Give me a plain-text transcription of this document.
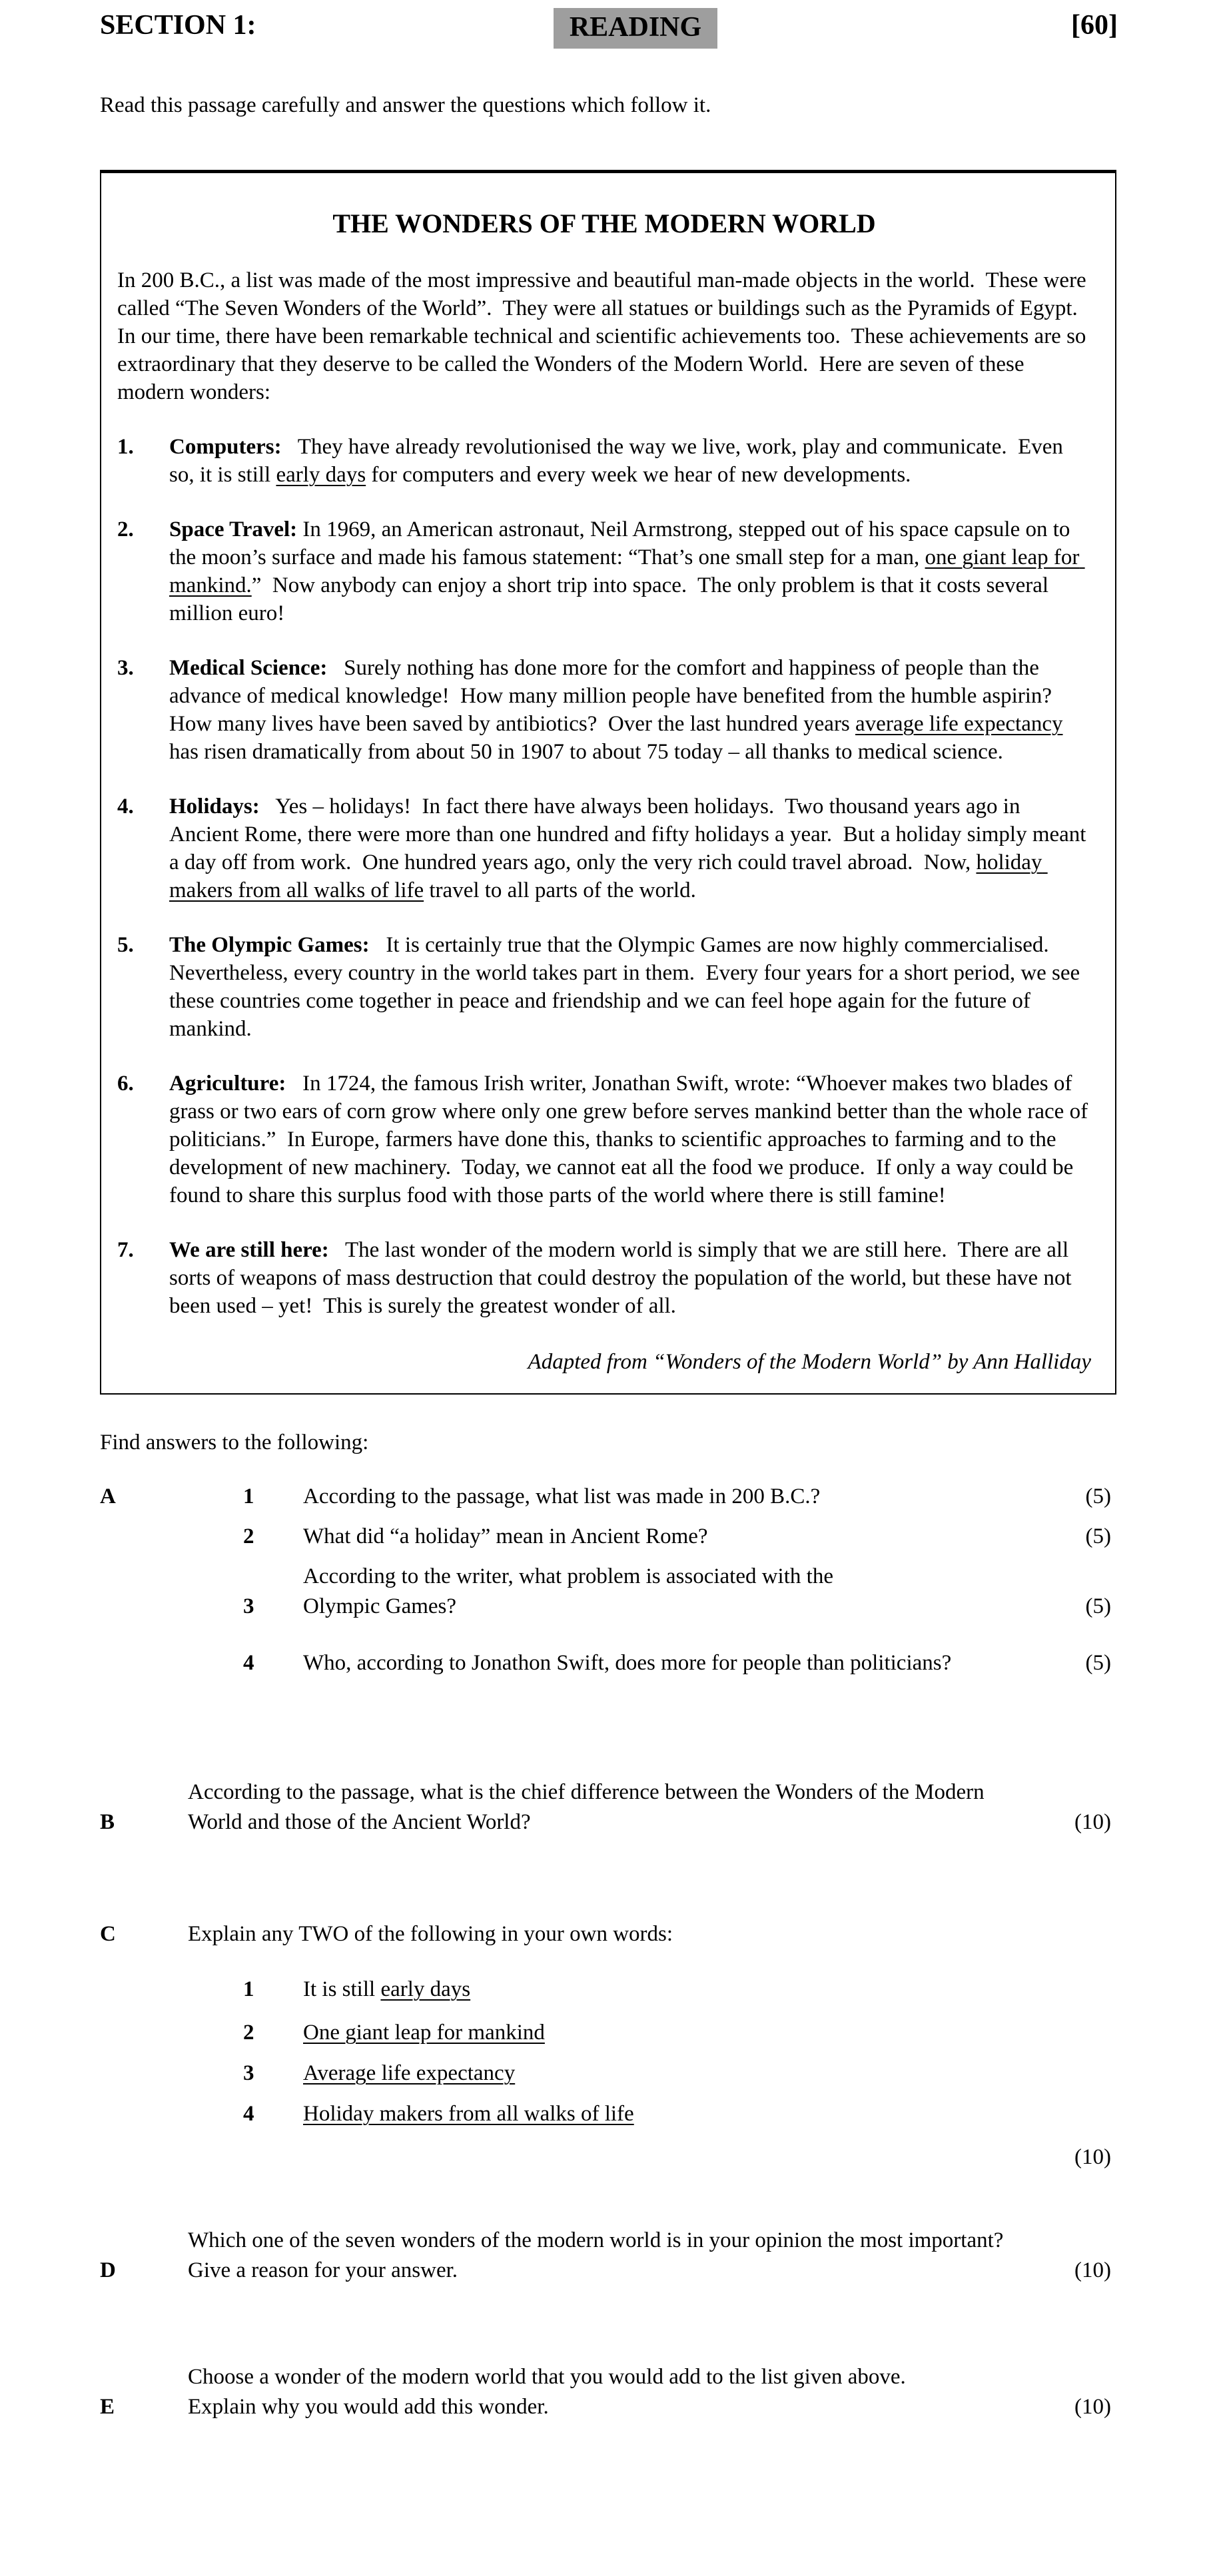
SECTION 1:	READING	[60]
Read this passage carefully and answer the questions which follow it.
THE WONDERS OF THE MODERN WORLD
In 200 B.C., a list was made of the most impressive and beautiful man-made objects in the world.  These were called “The Seven Wonders of the World”.  They were all statues or buildings such as the Pyramids of Egypt.  In our time, there have been remarkable technical and scientific achievements too.  These achievements are so extraordinary that they deserve to be called the Wonders of the Modern World.  Here are seven of these modern wonders:
1.	Computers:   They have already revolutionised the way we live, work, play and communicate.  Even so, it is still early days for computers and every week we hear of new developments.
2.	Space Travel: In 1969, an American astronaut, Neil Armstrong, stepped out of his space capsule on to the moon’s surface and made his famous statement: “That’s one small step for a man, one giant leap for mankind.”  Now anybody can enjoy a short trip into space.  The only problem is that it costs several million euro!
3.	Medical Science:   Surely nothing has done more for the comfort and happiness of people than the advance of medical knowledge!  How many million people have benefited from the humble aspirin?  How many lives have been saved by antibiotics?  Over the last hundred years average life expectancy has risen dramatically from about 50 in 1907 to about 75 today – all thanks to medical science.
4.	Holidays:   Yes – holidays!  In fact there have always been holidays.  Two thousand years ago in Ancient Rome, there were more than one hundred and fifty holidays a year.  But a holiday simply meant a day off from work.  One hundred years ago, only the very rich could travel abroad.  Now, holiday makers from all walks of life travel to all parts of the world.
5.	The Olympic Games:   It is certainly true that the Olympic Games are now highly commercialised.  Nevertheless, every country in the world takes part in them.  Every four years for a short period, we see these countries come together in peace and friendship and we can feel hope again for the future of mankind.
6.	Agriculture:   In 1724, the famous Irish writer, Jonathan Swift, wrote: “Whoever makes two blades of grass or two ears of corn grow where only one grew before serves mankind better than the whole race of politicians.”  In Europe, farmers have done this, thanks to scientific approaches to farming and to the development of new machinery.  Today, we cannot eat all the food we produce.  If only a way could be found to share this surplus food with those parts of the world where there is still famine!
7.	We are still here:   The last wonder of the modern world is simply that we are still here.  There are all sorts of weapons of mass destruction that could destroy the population of the world, but these have not been used – yet!  This is surely the greatest wonder of all.
Adapted from “Wonders of the Modern World” by Ann Halliday
Find answers to the following:
A	1	According to the passage, what list was made in 200 B.C.?	(5)
2	What did “a holiday” mean in Ancient Rome?	(5)
3
According to the writer, what problem is associated with the
Olympic Games?	(5)
4	Who, according to Jonathon Swift, does more for people than politicians?	(5)
B
According to the passage, what is the chief difference between the Wonders of the Modern
World and those of the Ancient World?	(10)
C	Explain any TWO of the following in your own words:
1	It is still early days
2	One giant leap for mankind
3	Average life expectancy
4	Holiday makers from all walks of life
(10)
D
Which one of the seven wonders of the modern world is in your opinion the most important?
Give a reason for your answer.	(10)
E
Choose a wonder of the modern world that you would add to the list given above.
Explain why you would add this wonder.	(10)
